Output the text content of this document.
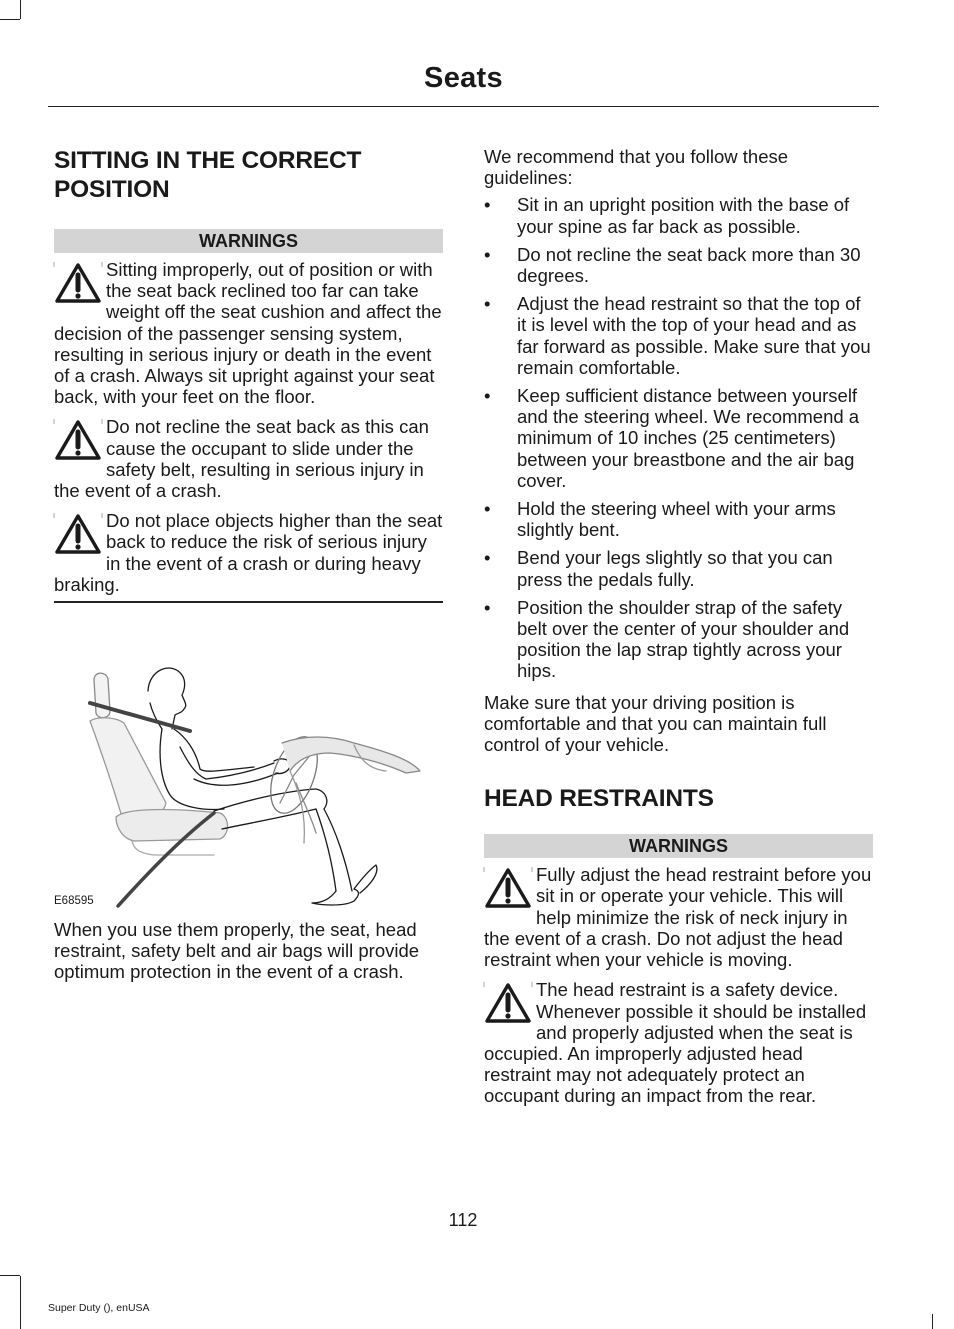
Seats
SITTING IN THE CORRECT POSITION
WARNINGS
Sitting improperly, out of position or with the seat back reclined too far can take weight off the seat cushion and affect the decision of the passenger sensing system, resulting in serious injury or death in the event of a crash. Always sit upright against your seat back, with your feet on the floor.
Do not recline the seat back as this can cause the occupant to slide under the safety belt, resulting in serious injury in the event of a crash.
Do not place objects higher than the seat back to reduce the risk of serious injury in the event of a crash or during heavy braking.
E68595

When you use them properly, the seat, head restraint, safety belt and air bags will provide optimum protection in the event of a crash.

We recommend that you follow these guidelines:

• Sit in an upright position with the base of your spine as far back as possible.
• Do not recline the seat back more than 30 degrees.
• Adjust the head restraint so that the top of it is level with the top of your head and as far forward as possible. Make sure that you remain comfortable.
• Keep sufficient distance between yourself and the steering wheel. We recommend a minimum of 10 inches (25 centimeters) between your breastbone and the air bag cover.
• Hold the steering wheel with your arms slightly bent.
• Bend your legs slightly so that you can press the pedals fully.
• Position the shoulder strap of the safety belt over the center of your shoulder and position the lap strap tightly across your hips.

Make sure that your driving position is comfortable and that you can maintain full control of your vehicle.

HEAD RESTRAINTS
WARNINGS
Fully adjust the head restraint before you sit in or operate your vehicle. This will help minimize the risk of neck injury in the event of a crash. Do not adjust the head restraint when your vehicle is moving.
The head restraint is a safety device. Whenever possible it should be installed and properly adjusted when the seat is occupied. An improperly adjusted head restraint may not adequately protect an occupant during an impact from the rear.
112
Super Duty (), enUSA
